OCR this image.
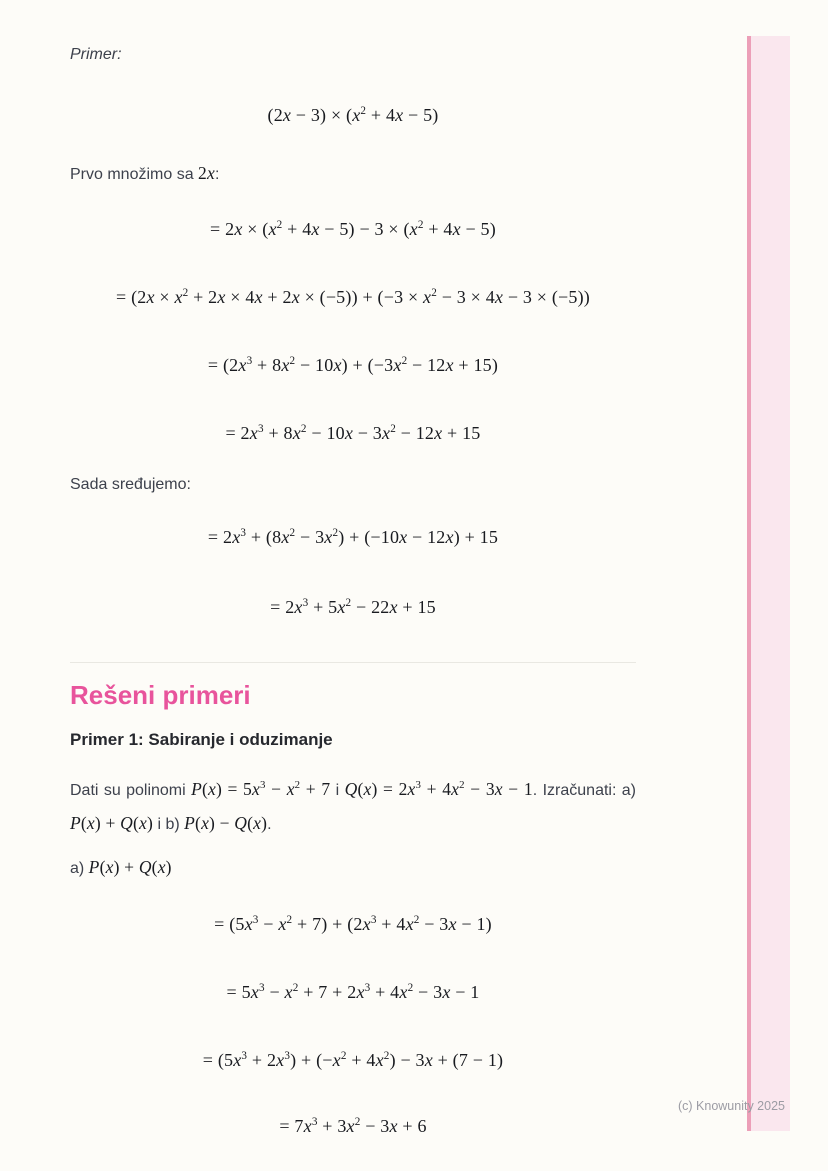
Primer:
$(2x - 3) \times (x^2 + 4x - 5)$
Prvo množimo sa 2x:
= $2x \times (x^2 + 4x - 5) - 3 \times (x^2 + 4x - 5)$
= $(2x \times x^2 + 2x \times 4x + 2x \times (-5)) + (-3 \times x^2 - 3 \times 4x - 3 \times (-5))$
= $(2x^3 + 8x^2 - 10x) + (-3x^2 - 12x + 15)$
= $2x^3 + 8x^2 - 10x - 3x^2 - 12x + 15$
Sada sređujemo:
= $2x^3 + (8x^2 - 3x^2) + (-10x - 12x) + 15$
= $2x^3 + 5x^2 - 22x + 15$
Rešeni primeri
Primer 1: Sabiranje i oduzimanje

Dati su polinomi $P(x) = 5x^3 - x^2 + 7$ i $Q(x) = 2x^3 + 4x^2 - 3x - 1$. Izračunati: a) P(x) + Q(x) i b) P(x) − Q(x).

a) P(x) + Q(x)
= $(5x^3 - x^2 + 7) + (2x^3 + 4x^2 - 3x - 1)$
= $5x^3 - x^2 + 7 + 2x^3 + 4x^2 - 3x - 1$
= $(5x^3 + 2x^3) + (-x^2 + 4x^2) - 3x + (7 - 1)$
= $7x^3 + 3x^2 - 3x + 6$
(c) Knowunity 2025
